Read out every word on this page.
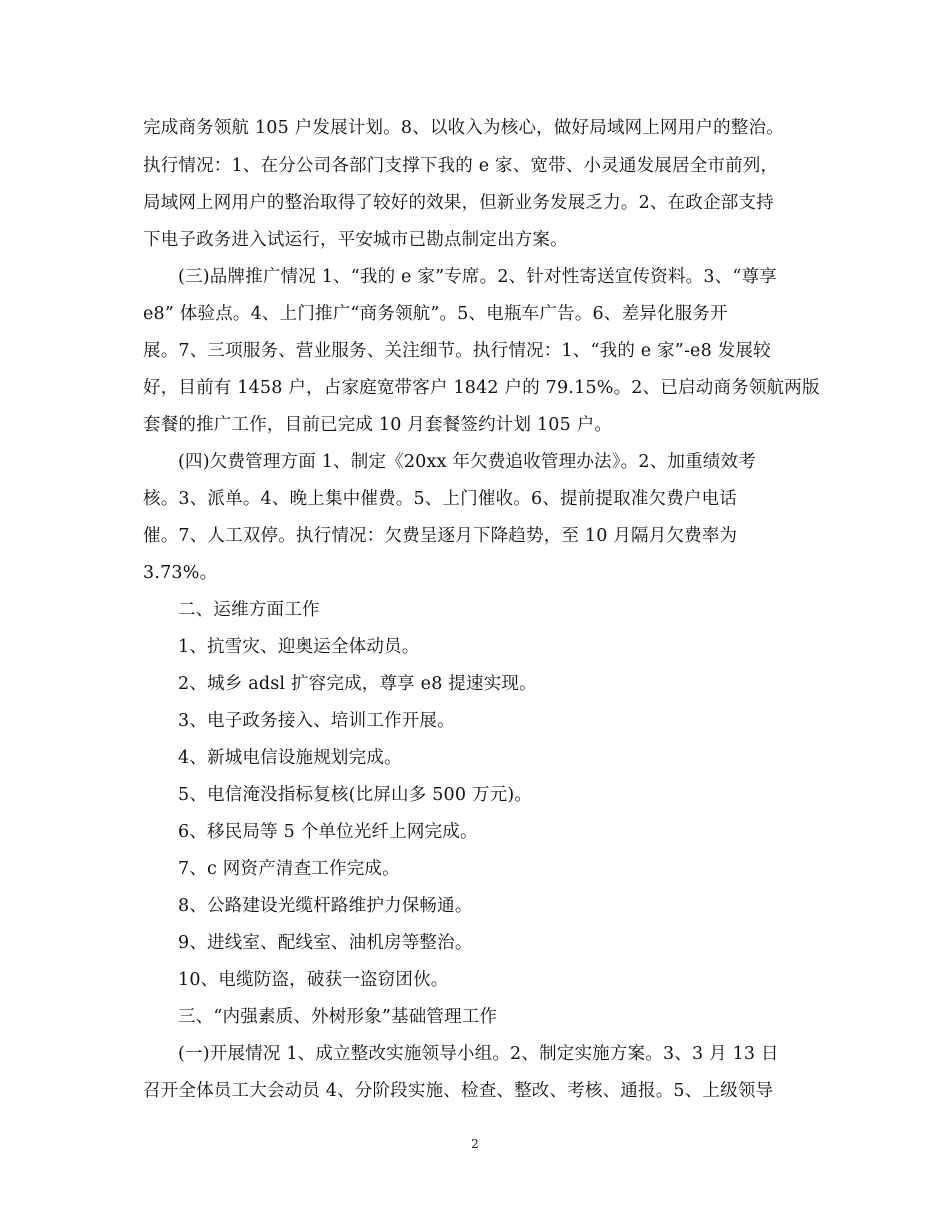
完成商务领航 105 户发展计划。8、以收入为核心，做好局域网上网用户的整治。
执行情况：1、在分公司各部门支撑下我的 e 家、宽带、小灵通发展居全市前列，
局域网上网用户的整治取得了较好的效果，但新业务发展乏力。2、在政企部支持
下电子政务进入试运行，平安城市已勘点制定出方案。
(三)品牌推广情况 1、“我的 e 家”专席。2、针对性寄送宣传资料。3、“尊享
e8” 体验点。4、上门推广“商务领航”。5、电瓶车广告。6、差异化服务开
展。7、三项服务、营业服务、关注细节。执行情况：1、“我的 e 家”-e8 发展较
好，目前有 1458 户，占家庭宽带客户 1842 户的 79.15%。2、已启动商务领航两版
套餐的推广工作，目前已完成 10 月套餐签约计划 105 户。
(四)欠费管理方面 1、制定《20xx 年欠费追收管理办法》。2、加重绩效考
核。3、派单。4、晚上集中催费。5、上门催收。6、提前提取准欠费户电话
催。7、人工双停。执行情况：欠费呈逐月下降趋势，至 10 月隔月欠费率为
3.73%。
二、运维方面工作
1、抗雪灾、迎奥运全体动员。
2、城乡 adsl 扩容完成，尊享 e8 提速实现。
3、电子政务接入、培训工作开展。
4、新城电信设施规划完成。
5、电信淹没指标复核(比屏山多 500 万元)。
6、移民局等 5 个单位光纤上网完成。
7、c 网资产清查工作完成。
8、公路建设光缆杆路维护力保畅通。
9、进线室、配线室、油机房等整治。
10、电缆防盗，破获一盗窃团伙。
三、“内强素质、外树形象”基础管理工作
(一)开展情况 1、成立整改实施领导小组。2、制定实施方案。3、3 月 13 日
召开全体员工大会动员 4、分阶段实施、检查、整改、考核、通报。5、上级领导
2
